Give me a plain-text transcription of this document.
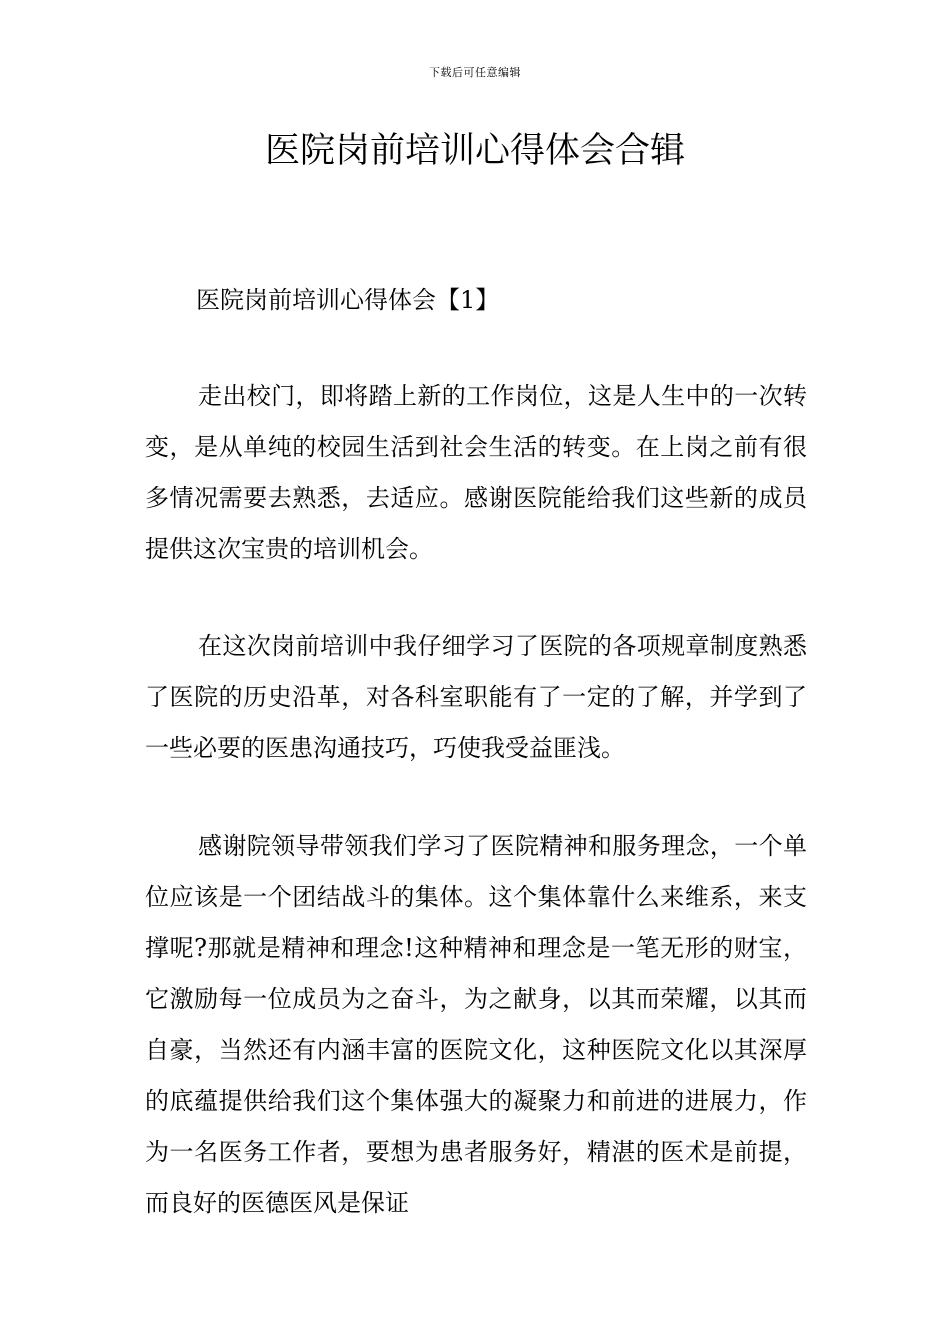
下载后可任意编辑
医院岗前培训心得体会合辑
医院岗前培训心得体会【1】

走出校门，即将踏上新的工作岗位，这是人生中的一次转变，是从单纯的校园生活到社会生活的转变。在上岗之前有很多情况需要去熟悉，去适应。感谢医院能给我们这些新的成员提供这次宝贵的培训机会。

在这次岗前培训中我仔细学习了医院的各项规章制度熟悉了医院的历史沿革，对各科室职能有了一定的了解，并学到了一些必要的医患沟通技巧，巧使我受益匪浅。

感谢院领导带领我们学习了医院精神和服务理念，一个单位应该是一个团结战斗的集体。这个集体靠什么来维系，来支撑呢?那就是精神和理念!这种精神和理念是一笔无形的财宝，它激励每一位成员为之奋斗，为之献身，以其而荣耀，以其而自豪，当然还有内涵丰富的医院文化，这种医院文化以其深厚的底蕴提供给我们这个集体强大的凝聚力和前进的进展力，作为一名医务工作者，要想为患者服务好，精湛的医术是前提，而良好的医德医风是保证
